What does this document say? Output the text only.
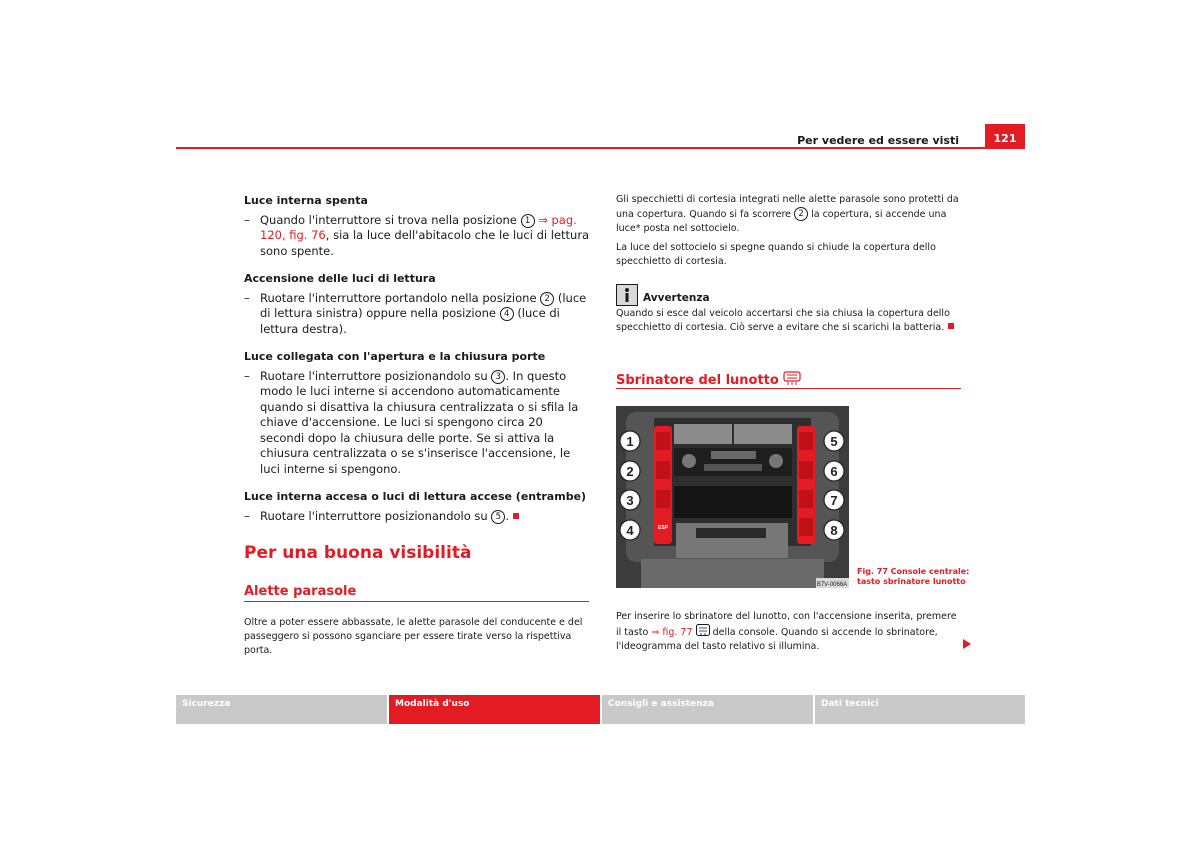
Per vedere ed essere visti	121

Luce interna spenta

– Quando l'interruttore si trova nella posizione 1 ⇒ pag. 120, fig. 76, sia la luce dell'abitacolo che le luci di lettura sono spente.

Accensione delle luci di lettura

– Ruotare l'interruttore portandolo nella posizione 2 (luce di lettura sinistra) oppure nella posizione 4 (luce di lettura destra).

Luce collegata con l'apertura e la chiusura porte

– Ruotare l'interruttore posizionandolo su 3 . In questo modo le luci interne si accendono automaticamente quando si disattiva la chiusura centralizzata o si sfila la chiave d'accensione. Le luci si spengono circa 20 secondi dopo la chiusura delle porte. Se si attiva la chiusura centralizzata o se s'inserisce l'accensione, le luci interne si spengono.

Luce interna accesa o luci di lettura accese (entrambe)

– Ruotare l'interruttore posizionandolo su 5 .

Per una buona visibilità
Alette parasole
Oltre a poter essere abbassate, le alette parasole del conducente e del passeggero si possono sganciare per essere tirate verso la rispettiva porta.
Gli specchietti di cortesia integrati nelle alette parasole sono protetti da una copertura. Quando si fa scorrere 2 la copertura, si accende una luce* posta nel sottocielo.
La luce del sottocielo si spegne quando si chiude la copertura dello specchietto di cortesia.
Avvertenza
Quando si esce dal veicolo accertarsi che sia chiusa la copertura dello specchietto di cortesia. Ciò serve a evitare che si scarichi la batteria.
Sbrinatore del lunotto
1
2
3
4
5
6
7
8
ESP
B7V-0066A
Fig. 77 Console centrale:
tasto sbrinatore lunotto
Per inserire lo sbrinatore del lunotto, con l'accensione inserita, premere il tasto ⇒ fig. 77 della console. Quando si accende lo sbrinatore, l'ideogramma del tasto relativo si illumina.
Sicurezza	Modalità d'uso	Consigli e assistenza	Dati tecnici
